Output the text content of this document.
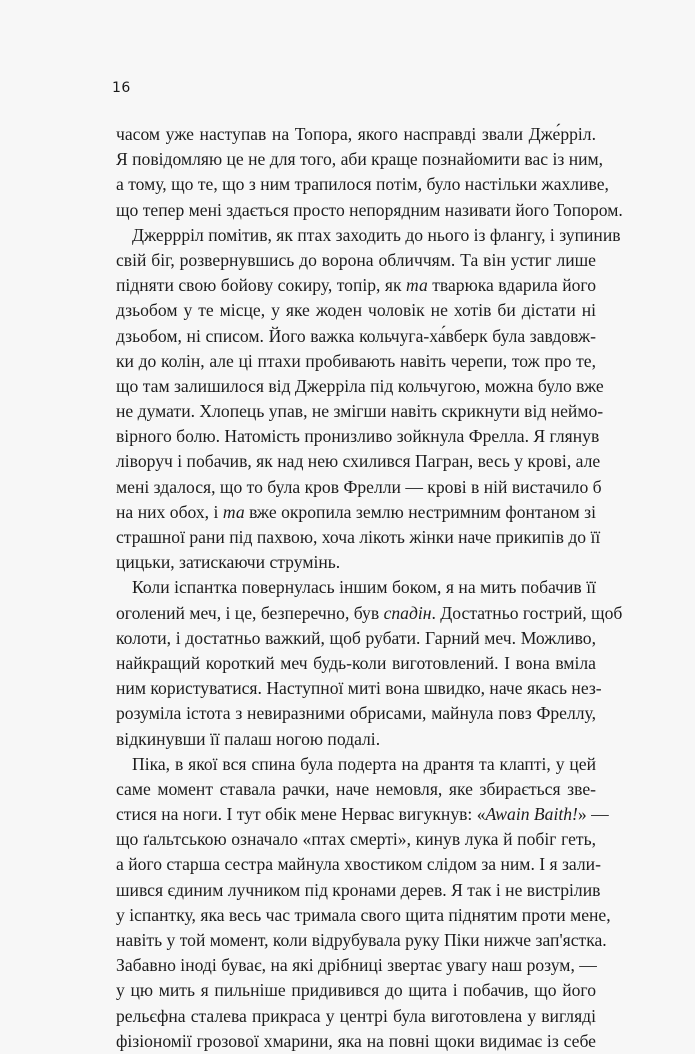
16
часом уже наступав на Топора, якого насправді звали Дже́рріл.
Я повідомляю це не для того, аби краще познайомити вас із ним,
а тому, що те, що з ним трапилося потім, було настільки жахливе,
що тепер мені здається просто непорядним називати його Топором.
Джеррріл помітив, як птах заходить до нього із флангу, і зупинив
свій біг, розвернувшись до ворона обличчям. Та він устиг лише
підняти свою бойову сокиру, топір, як та тварюка вдарила його
дзьобом у те місце, у яке жоден чоловік не хотів би дістати ні
дзьобом, ні списом. Його важка кольчуга-ха́вберк була завдовж-
ки до колін, але ці птахи пробивають навіть черепи, тож про те,
що там залишилося від Джерріла під кольчугою, можна було вже
не думати. Хлопець упав, не змігши навіть скрикнути від неймо-
вірного болю. Натомість пронизливо зойкнула Фрелла. Я глянув
ліворуч і побачив, як над нею схилився Пагран, весь у крові, але
мені здалося, що то була кров Фрелли — крові в ній вистачило б
на них обох, і та вже окропила землю нестримним фонтаном зі
страшної рани під пахвою, хоча лікоть жінки наче прикипів до її
цицьки, затискаючи струмінь.
Коли іспантка повернулась іншим боком, я на мить побачив її
оголений меч, і це, безперечно, був спадін. Достатньо гострий, щоб
колоти, і достатньо важкий, щоб рубати. Гарний меч. Можливо,
найкращий короткий меч будь-коли виготовлений. І вона вміла
ним користуватися. Наступної миті вона швидко, наче якась нез-
розуміла істота з невиразними обрисами, майнула повз Фреллу,
відкинувши її палаш ногою подалі.
Піка, в якої вся спина була подерта на дрантя та клапті, у цей
саме момент ставала рачки, наче немовля, яке збирається зве-
стися на ноги. І тут обік мене Нервас вигукнув: «Awain Baith!» —
що ґальтською означало «птах смерті», кинув лука й побіг геть,
а його старша сестра майнула хвостиком слідом за ним. І я зали-
шився єдиним лучником під кронами дерев. Я так і не вистрілив
у іспантку, яка весь час тримала свого щита піднятим проти мене,
навіть у той момент, коли відрубувала руку Піки нижче зап'ястка.
Забавно іноді буває, на які дрібниці звертає увагу наш розум, —
у цю мить я пильніше придивився до щита і побачив, що його
рельєфна сталева прикраса у центрі була виготовлена у вигляді
фізіономії грозової хмарини, яка на повні щоки видимає із себе
